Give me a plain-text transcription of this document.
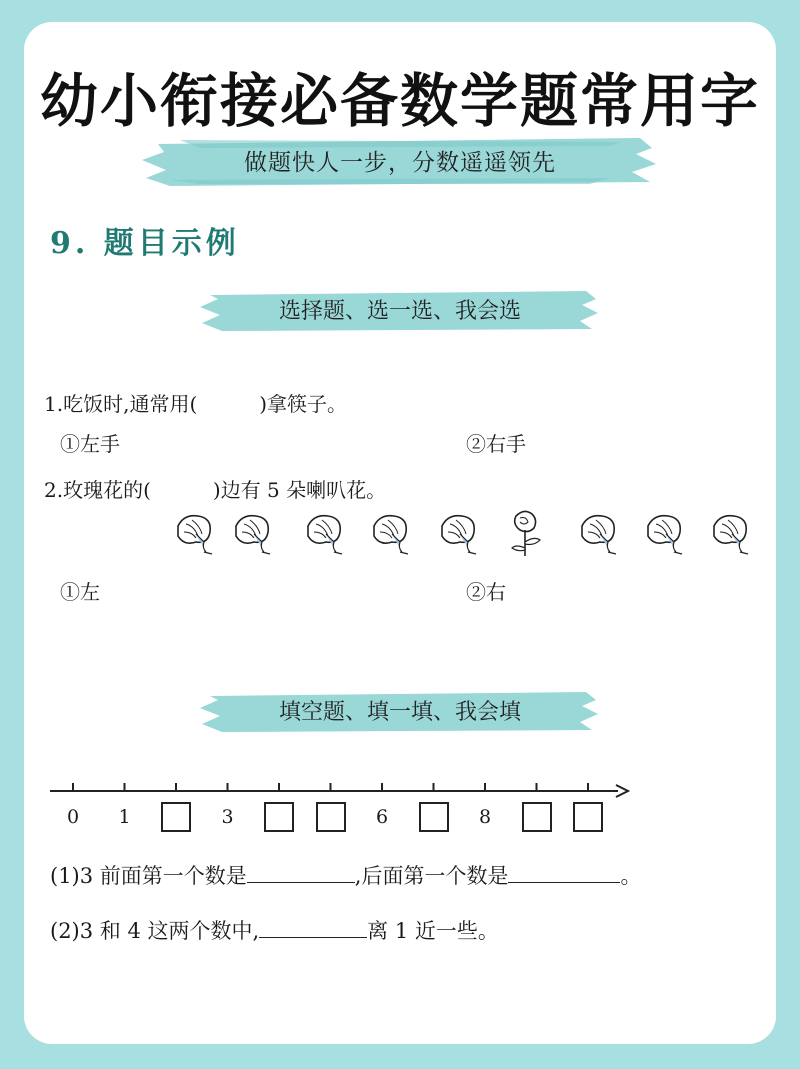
幼小衔接必备数学题常用字
做题快人一步，分数遥遥领先
9. 题目示例
选择题、选一选、我会选
1.吃饭时,通常用(	)拿筷子。
①左手	②右手
2.玫瑰花的(	)边有 5 朵喇叭花。
①左	②右
填空题、填一填、我会填
0	1	3	6	8
(1)3 前面第一个数是	,后面第一个数是	。
(2)3 和 4 这两个数中,	离 1 近一些。
